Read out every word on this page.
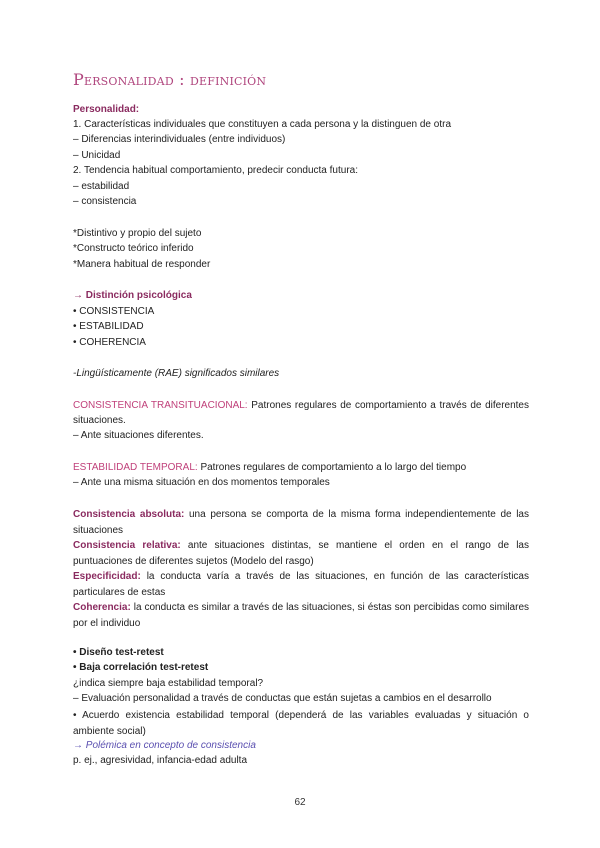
Personalidad : definición
Personalidad:
1. Características individuales que constituyen a cada persona y la distinguen de otra
– Diferencias interindividuales (entre individuos)
– Unicidad
2. Tendencia habitual comportamiento, predecir conducta futura:
– estabilidad
– consistencia
*Distintivo y propio del sujeto
*Constructo teórico inferido
*Manera habitual de responder
→ Distinción psicológica
• CONSISTENCIA
• ESTABILIDAD
• COHERENCIA
-Lingüísticamente (RAE) significados similares
CONSISTENCIA TRANSITUACIONAL: Patrones regulares de comportamiento a través de diferentes situaciones.
– Ante situaciones diferentes.
ESTABILIDAD TEMPORAL: Patrones regulares de comportamiento a lo largo del tiempo
– Ante una misma situación en dos momentos temporales
Consistencia absoluta: una persona se comporta de la misma forma independientemente de las situaciones
Consistencia relativa: ante situaciones distintas, se mantiene el orden en el rango de las puntuaciones de diferentes sujetos (Modelo del rasgo)
Especificidad: la conducta varía a través de las situaciones, en función de las características particulares de estas
Coherencia: la conducta es similar a través de las situaciones, si éstas son percibidas como similares por el individuo
• Diseño test-retest
• Baja correlación test-retest
¿indica siempre baja estabilidad temporal?
– Evaluación personalidad a través de conductas que están sujetas a cambios en el desarrollo
• Acuerdo existencia estabilidad temporal (dependerá de las variables evaluadas y situación o ambiente social)
→ Polémica en concepto de consistencia
p. ej., agresividad, infancia-edad adulta
62
